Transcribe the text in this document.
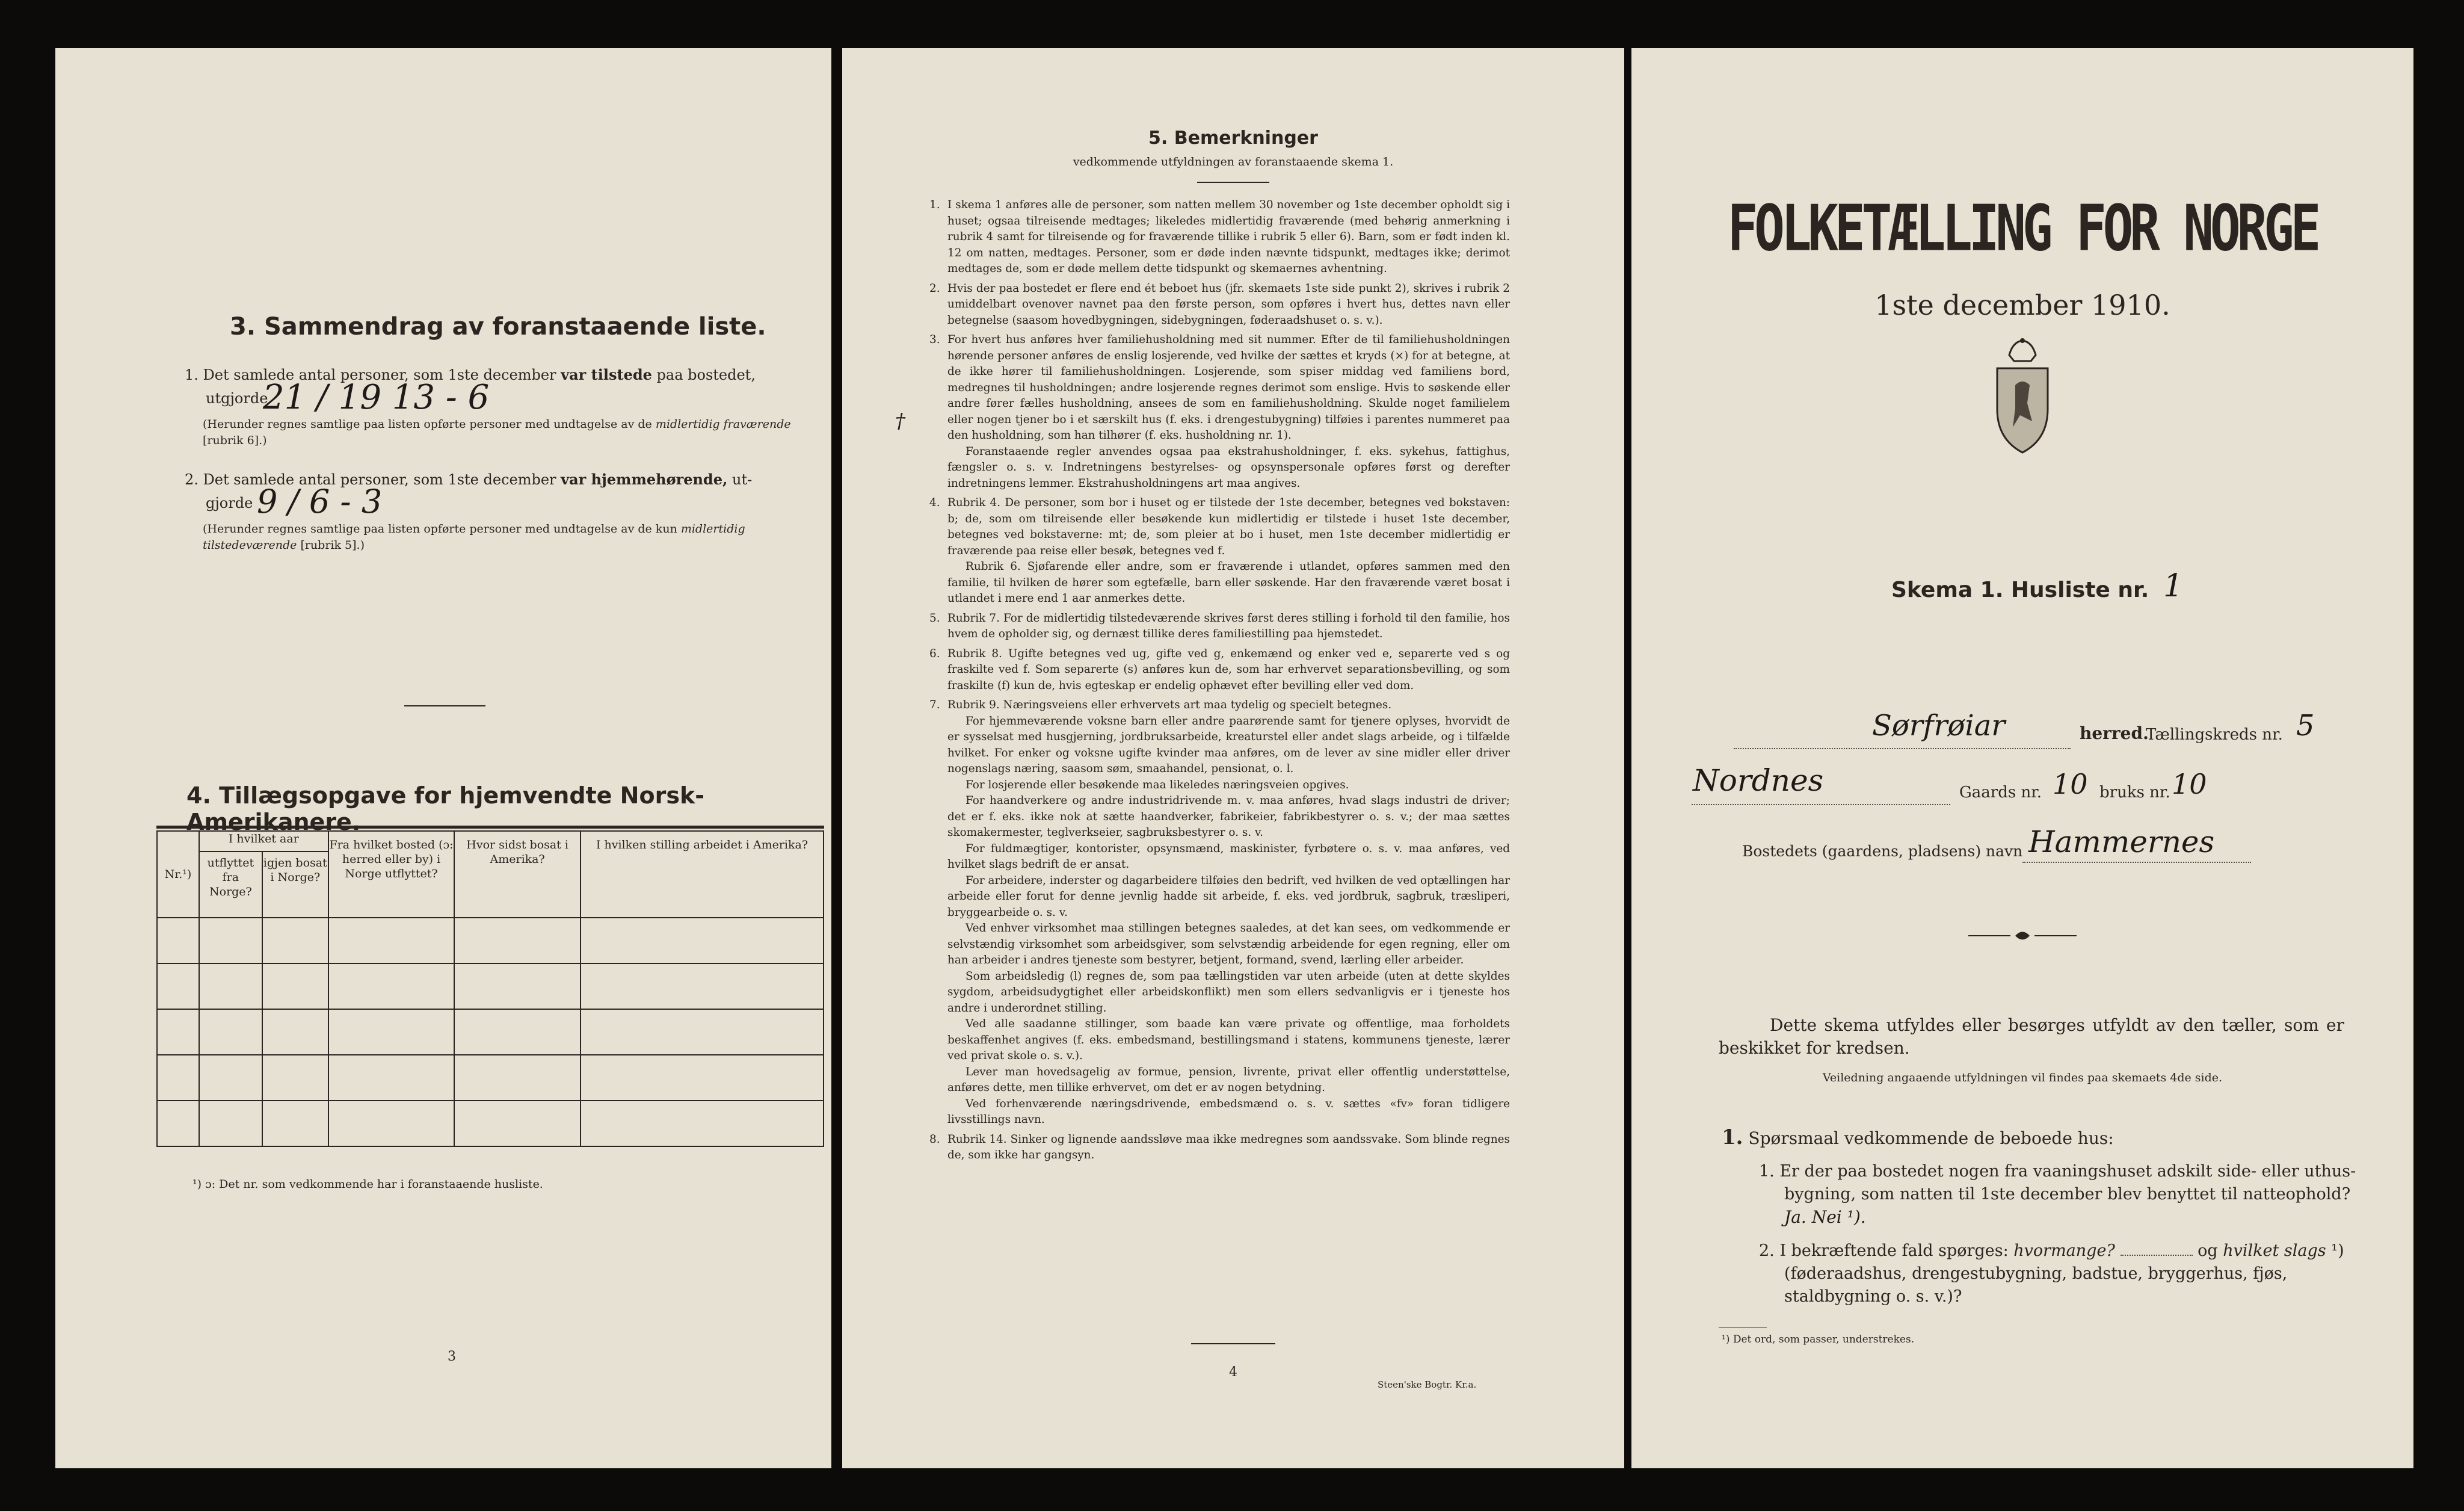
3. Sammendrag av foranstaaende liste.
1. Det samlede antal personer, som 1ste december var tilstede paa bostedet,
utgjorde
21 / 19 13 - 6
(Herunder regnes samtlige paa listen opførte personer med undtagelse av de midlertidig fraværende [rubrik 6].)
2. Det samlede antal personer, som 1ste december var hjemmehørende, ut-
gjorde 9 / 6 - 3
(Herunder regnes samtlige paa listen opførte personer med undtagelse av de kun midlertidig tilstedeværende [rubrik 5].)
4. Tillægsopgave for hjemvendte Norsk-Amerikanere.
Nr.¹)	I hvilket aar		Fra hvilket bosted (ɔ: herred eller by) i Norge utflyttet?	Hvor sidst bosat i Amerika?	I hvilken stilling arbeidet i Amerika?
	utflyttet fra Norge?	igjen bosat i Norge?			

¹) ɔ: Det nr. som vedkommende har i foranstaaende husliste.
3
5. Bemerkninger
vedkommende utfyldningen av foranstaaende skema 1.
†
1. I skema 1 anføres alle de personer, som natten mellem 30 november og 1ste december opholdt sig i huset; ogsaa tilreisende medtages; likeledes midlertidig fraværende (med behørig anmerkning i rubrik 4 samt for tilreisende og for fraværende tillike i rubrik 5 eller 6). Barn, som er født inden kl. 12 om natten, medtages. Personer, som er døde inden nævnte tidspunkt, medtages ikke; derimot medtages de, som er døde mellem dette tidspunkt og skemaernes avhentning.

2. Hvis der paa bostedet er flere end ét beboet hus (jfr. skemaets 1ste side punkt 2), skrives i rubrik 2 umiddelbart ovenover navnet paa den første person, som opføres i hvert hus, dettes navn eller betegnelse (saasom hovedbygningen, sidebygningen, føderaadshuset o. s. v.).

3. For hvert hus anføres hver familiehusholdning med sit nummer. Efter de til familiehusholdningen hørende personer anføres de enslig losjerende, ved hvilke der sættes et kryds (×) for at betegne, at de ikke hører til familiehusholdningen. Losjerende, som spiser middag ved familiens bord, medregnes til husholdningen; andre losjerende regnes derimot som enslige. Hvis to søskende eller andre fører fælles husholdning, ansees de som en familiehusholdning. Skulde noget familielem eller nogen tjener bo i et særskilt hus (f. eks. i drengestubygning) tilføies i parentes nummeret paa den husholdning, som han tilhører (f. eks. husholdning nr. 1).

Foranstaaende regler anvendes ogsaa paa ekstrahusholdninger, f. eks. sykehus, fattighus, fængsler o. s. v. Indretningens bestyrelses- og opsynspersonale opføres først og derefter indretningens lemmer. Ekstrahusholdningens art maa angives.

4. Rubrik 4. De personer, som bor i huset og er tilstede der 1ste december, betegnes ved bokstaven: b; de, som om tilreisende eller besøkende kun midlertidig er tilstede i huset 1ste december, betegnes ved bokstaverne: mt; de, som pleier at bo i huset, men 1ste december midlertidig er fraværende paa reise eller besøk, betegnes ved f.

Rubrik 6. Sjøfarende eller andre, som er fraværende i utlandet, opføres sammen med den familie, til hvilken de hører som egtefælle, barn eller søskende. Har den fraværende været bosat i utlandet i mere end 1 aar anmerkes dette.

5. Rubrik 7. For de midlertidig tilstedeværende skrives først deres stilling i forhold til den familie, hos hvem de opholder sig, og dernæst tillike deres familiestilling paa hjemstedet.

6. Rubrik 8. Ugifte betegnes ved ug, gifte ved g, enkemænd og enker ved e, separerte ved s og fraskilte ved f. Som separerte (s) anføres kun de, som har erhvervet separationsbevilling, og som fraskilte (f) kun de, hvis egteskap er endelig ophævet efter bevilling eller ved dom.

7. Rubrik 9. Næringsveiens eller erhvervets art maa tydelig og specielt betegnes.

For hjemmeværende voksne barn eller andre paarørende samt for tjenere oplyses, hvorvidt de er sysselsat med husgjerning, jordbruksarbeide, kreaturstel eller andet slags arbeide, og i tilfælde hvilket. For enker og voksne ugifte kvinder maa anføres, om de lever av sine midler eller driver nogenslags næring, saasom søm, smaahandel, pensionat, o. l.

For losjerende eller besøkende maa likeledes næringsveien opgives.

For haandverkere og andre industridrivende m. v. maa anføres, hvad slags industri de driver; det er f. eks. ikke nok at sætte haandverker, fabrikeier, fabrikbestyrer o. s. v.; der maa sættes skomakermester, teglverkseier, sagbruksbestyrer o. s. v.

For fuldmægtiger, kontorister, opsynsmænd, maskinister, fyrbøtere o. s. v. maa anføres, ved hvilket slags bedrift de er ansat.

For arbeidere, inderster og dagarbeidere tilføies den bedrift, ved hvilken de ved optællingen har arbeide eller forut for denne jevnlig hadde sit arbeide, f. eks. ved jordbruk, sagbruk, træsliperi, bryggearbeide o. s. v.

Ved enhver virksomhet maa stillingen betegnes saaledes, at det kan sees, om vedkommende er selvstændig virksomhet som arbeidsgiver, som selvstændig arbeidende for egen regning, eller om han arbeider i andres tjeneste som bestyrer, betjent, formand, svend, lærling eller arbeider.

Som arbeidsledig (l) regnes de, som paa tællingstiden var uten arbeide (uten at dette skyldes sygdom, arbeidsudygtighet eller arbeidskonflikt) men som ellers sedvanligvis er i tjeneste hos andre i underordnet stilling.

Ved alle saadanne stillinger, som baade kan være private og offentlige, maa forholdets beskaffenhet angives (f. eks. embedsmand, bestillingsmand i statens, kommunens tjeneste, lærer ved privat skole o. s. v.).

Lever man hovedsagelig av formue, pension, livrente, privat eller offentlig understøttelse, anføres dette, men tillike erhvervet, om det er av nogen betydning.

Ved forhenværende næringsdrivende, embedsmænd o. s. v. sættes «fv» foran tidligere livsstillings navn.

8. Rubrik 14. Sinker og lignende aandssløve maa ikke medregnes som aandssvake. Som blinde regnes de, som ikke har gangsyn.

4
Steen'ske Bogtr. Kr.a.
FOLKETÆLLING FOR NORGE
1ste december 1910.
Skema 1. Husliste nr. 1
Sørfrøiar	herred.
Tællingskreds nr. 5
Nordnes	Gaards nr. 10 bruks nr. 10
Bostedets (gaardens, pladsens) navn Hammernes
Dette skema utfyldes eller besørges utfyldt av den tæller, som er beskikket for kredsen.
Veiledning angaaende utfyldningen vil findes paa skemaets 4de side.
1. Spørsmaal vedkommende de beboede hus:
1. Er der paa bostedet nogen fra vaaningshuset adskilt side- eller uthus-bygning, som natten til 1ste december blev benyttet til natteophold? Ja. Nei ¹).
2. I bekræftende fald spørges: hvormange?	og hvilket slags ¹) (føderaadshus, drengestubygning, badstue, bryggerhus, fjøs, staldbygning o. s. v.)?
¹) Det ord, som passer, understrekes.
